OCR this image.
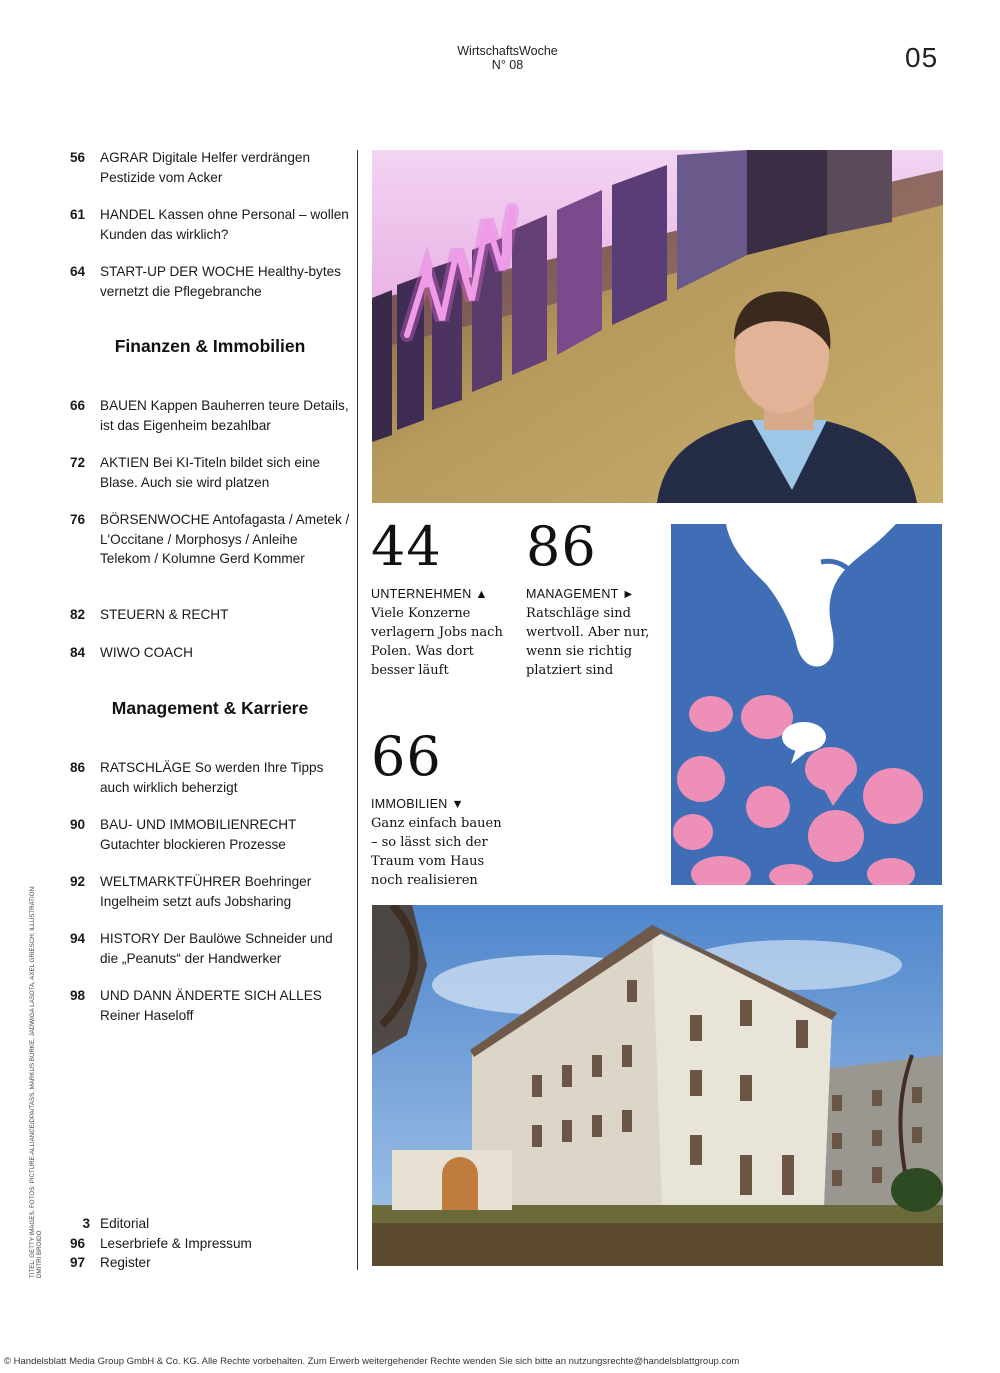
WirtschaftsWoche
N° 08	05
56	AGRAR Digitale Helfer verdrängen Pestizide vom Acker
61	HANDEL Kassen ohne Personal – wollen Kunden das wirklich?
64	START-UP DER WOCHE Healthy-bytes vernetzt die Pflegebranche
Finanzen & Immobilien
66	BAUEN Kappen Bauherren teure Details, ist das Eigenheim bezahlbar
72	AKTIEN Bei KI-Titeln bildet sich eine Blase. Auch sie wird platzen
76	BÖRSENWOCHE Antofagasta / Ametek / L'Occitane / Morphosys / Anleihe Telekom / Kolumne Gerd Kommer
82	STEUERN & RECHT
84	WIWO COACH
Management & Karriere
86	RATSCHLÄGE So werden Ihre Tipps auch wirklich beherzigt
90	BAU- UND IMMOBILIENRECHT Gutachter blockieren Prozesse
92	WELTMARKTFÜHRER Boehringer Ingelheim setzt aufs Jobsharing
94	HISTORY Der Baulöwe Schneider und die „Peanuts“ der Handwerker
98	UND DANN ÄNDERTE SICH ALLES Reiner Haseloff
3 Editorial
96	Leserbriefe & Impressum
97	Register
44
UNTERNEHMEN ▲
Viele Konzerne verlagern Jobs nach Polen. Was dort besser läuft
86
MANAGEMENT ►
Ratschläge sind wertvoll. Aber nur, wenn sie richtig platziert sind
66
IMMOBILIEN ▼
Ganz einfach bauen – so lässt sich der Traum vom Haus noch realisieren
TITEL: GETTY IMAGES; FOTOS: PICTURE-ALLIANCE/DPA/TASS, MARKUS BURKE, JADWIGA LASOTA, AXEL GRIESCH; ILLUSTRATION: DMITRI BROIDO
© Handelsblatt Media Group GmbH & Co. KG. Alle Rechte vorbehalten. Zum Erwerb weitergehender Rechte wenden Sie sich bitte an nutzungsrechte@handelsblattgroup.com
